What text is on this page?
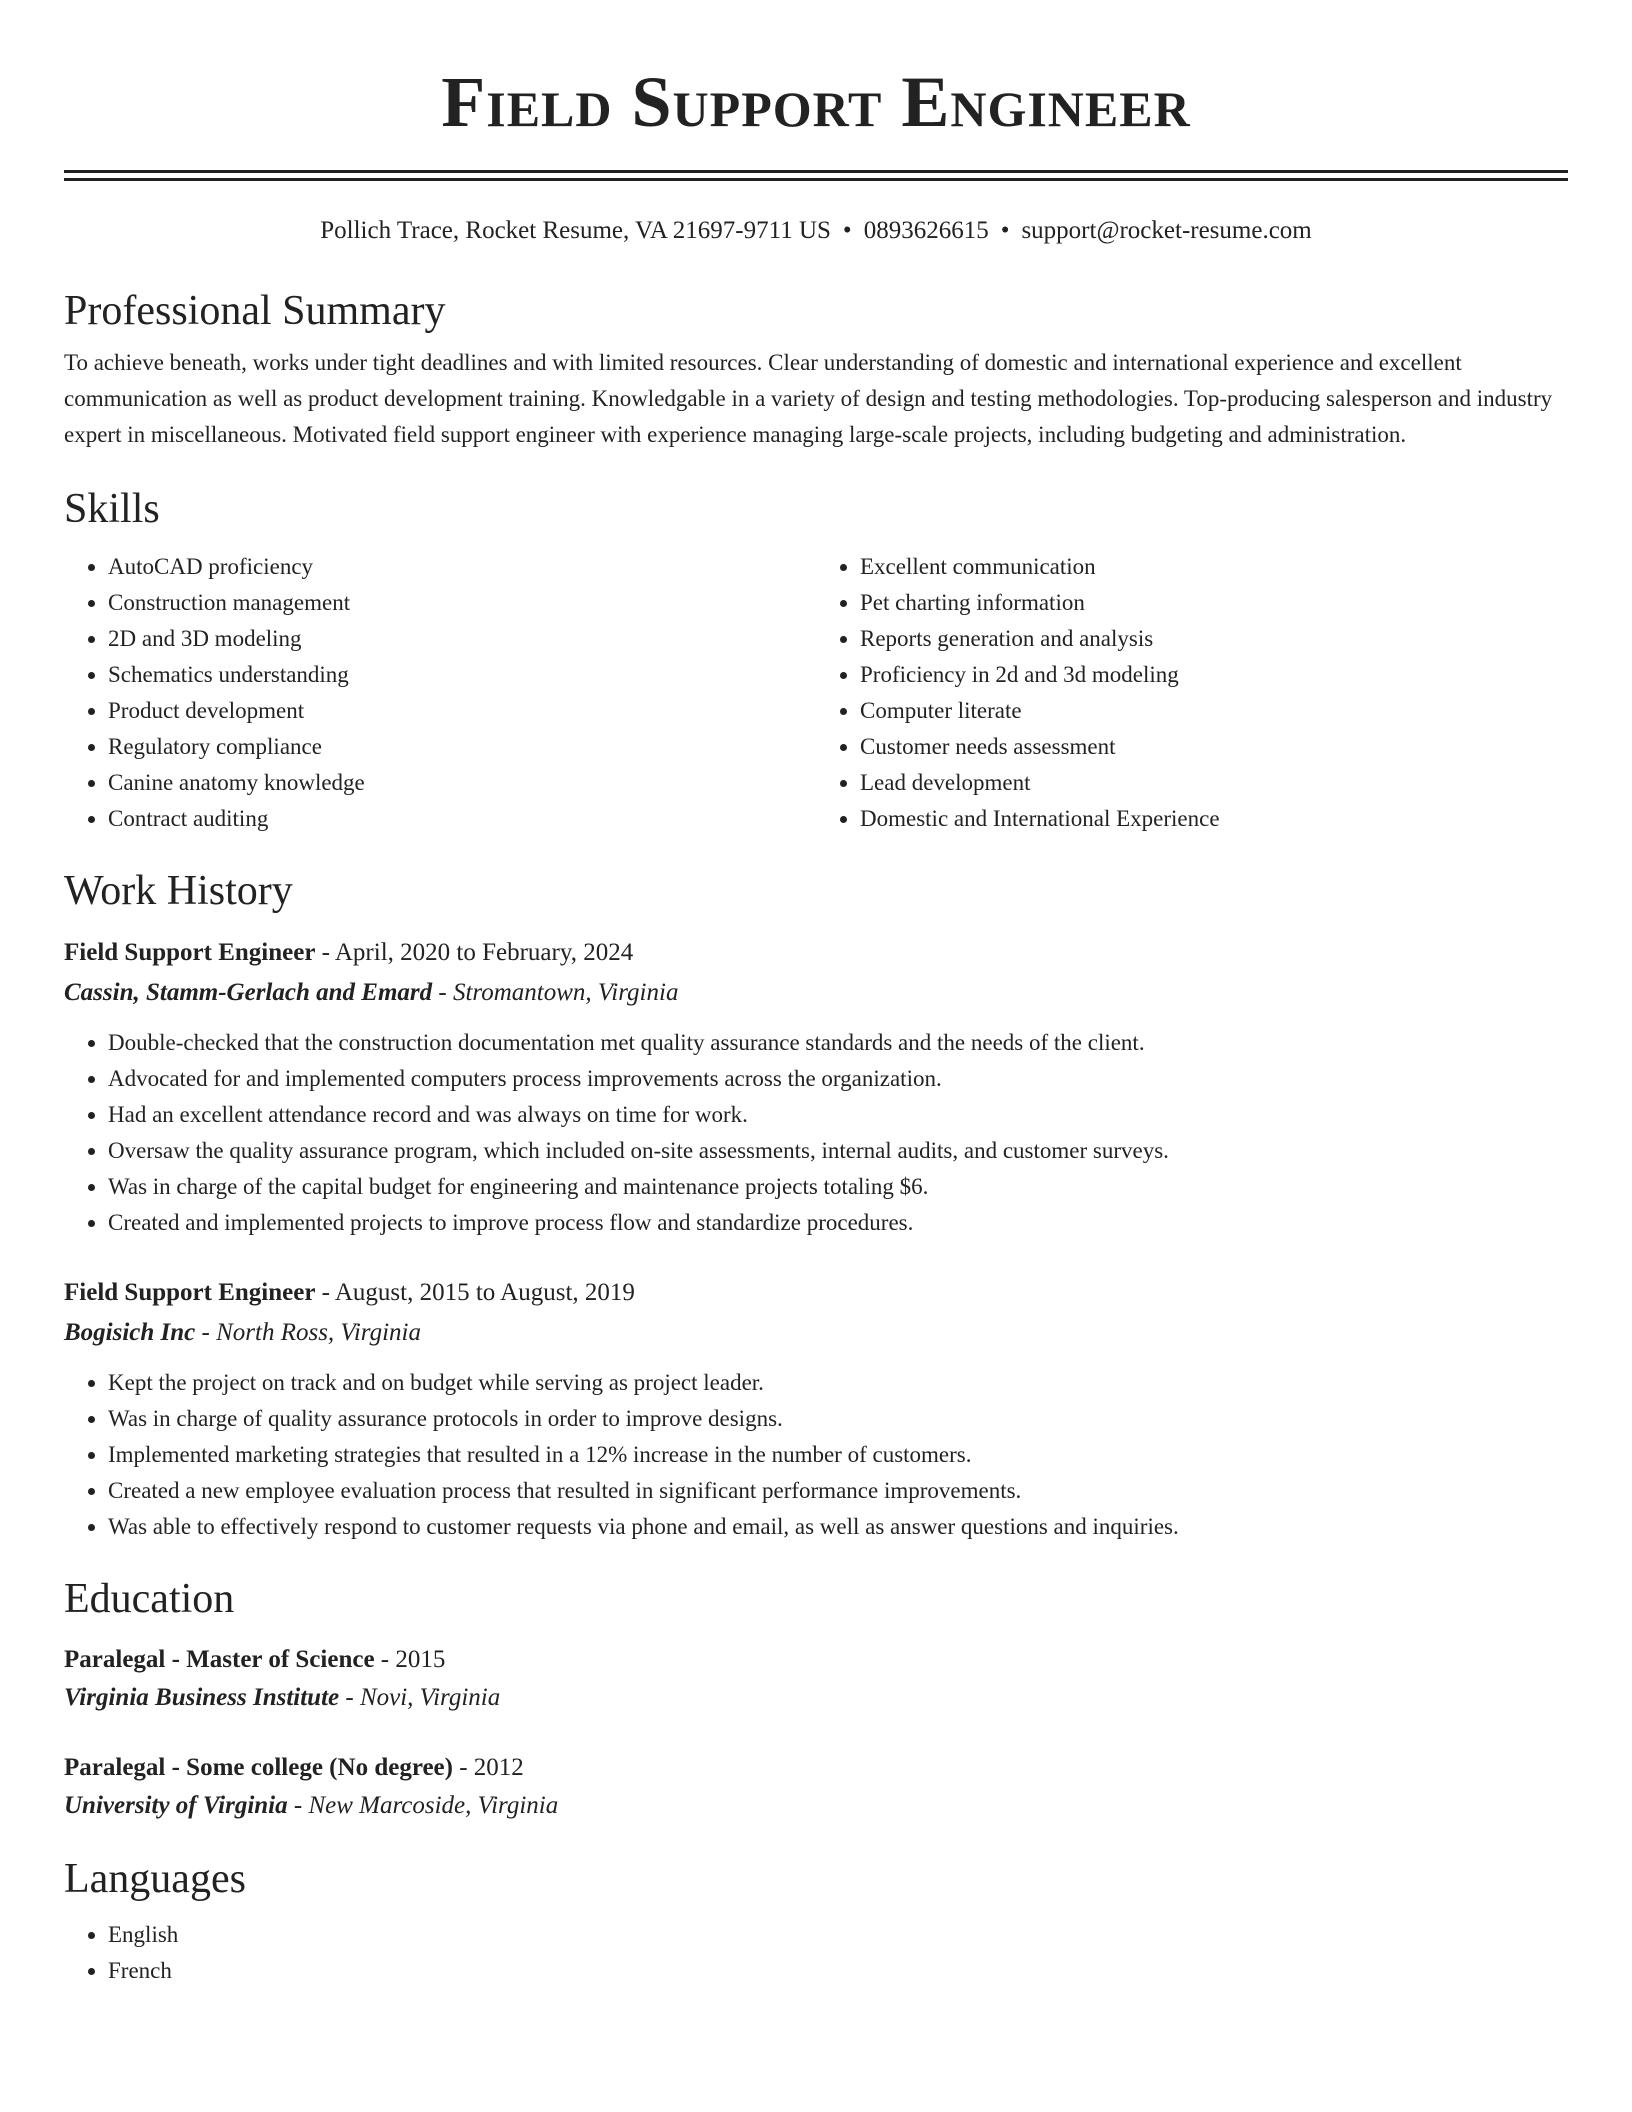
Field Support Engineer
Pollich Trace, Rocket Resume, VA 21697-9711 US • 0893626615 • support@rocket-resume.com
Professional Summary

To achieve beneath, works under tight deadlines and with limited resources. Clear understanding of domestic and international experience and excellent communication as well as product development training. Knowledgable in a variety of design and testing methodologies. Top-producing salesperson and industry expert in miscellaneous. Motivated field support engineer with experience managing large-scale projects, including budgeting and administration.

Skills
• AutoCAD proficiency
• Construction management
• 2D and 3D modeling
• Schematics understanding
• Product development
• Regulatory compliance
• Canine anatomy knowledge
• Contract auditing
• Excellent communication
• Pet charting information
• Reports generation and analysis
• Proficiency in 2d and 3d modeling
• Computer literate
• Customer needs assessment
• Lead development
• Domestic and International Experience
Work History
Field Support Engineer - April, 2020 to February, 2024
Cassin, Stamm-Gerlach and Emard - Stromantown, Virginia
• Double-checked that the construction documentation met quality assurance standards and the needs of the client.
• Advocated for and implemented computers process improvements across the organization.
• Had an excellent attendance record and was always on time for work.
• Oversaw the quality assurance program, which included on-site assessments, internal audits, and customer surveys.
• Was in charge of the capital budget for engineering and maintenance projects totaling $6.
• Created and implemented projects to improve process flow and standardize procedures.
Field Support Engineer - August, 2015 to August, 2019
Bogisich Inc - North Ross, Virginia
• Kept the project on track and on budget while serving as project leader.
• Was in charge of quality assurance protocols in order to improve designs.
• Implemented marketing strategies that resulted in a 12% increase in the number of customers.
• Created a new employee evaluation process that resulted in significant performance improvements.
• Was able to effectively respond to customer requests via phone and email, as well as answer questions and inquiries.
Education
Paralegal - Master of Science - 2015
Virginia Business Institute - Novi, Virginia
Paralegal - Some college (No degree) - 2012
University of Virginia - New Marcoside, Virginia
Languages
• English
• French
